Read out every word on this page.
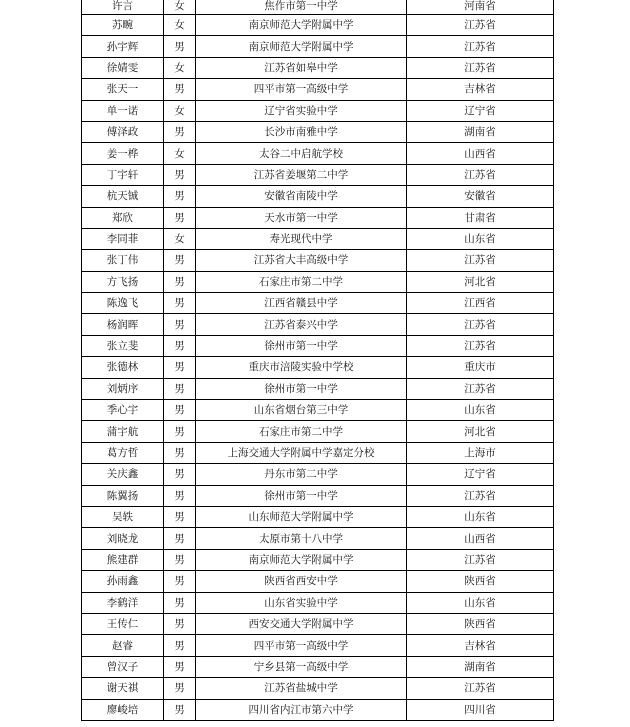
许言	女	焦作市第一中学	河南省
苏畹	女	南京师范大学附属中学	江苏省
孙宇辉	男	南京师范大学附属中学	江苏省
徐婧雯	女	江苏省如皋中学	江苏省
张天一	男	四平市第一高级中学	吉林省
单一诺	女	辽宁省实验中学	辽宁省
傅泽政	男	长沙市南雅中学	湖南省
姜一桦	女	太谷二中启航学校	山西省
丁宇轩	男	江苏省姜堰第二中学	江苏省
杭天铖	男	安徽省南陵中学	安徽省
郑欣	男	天水市第一中学	甘肃省
李同菲	女	寿光现代中学	山东省
张丁伟	男	江苏省大丰高级中学	江苏省
方飞扬	男	石家庄市第二中学	河北省
陈逸飞	男	江西省赣县中学	江西省
杨润晖	男	江苏省泰兴中学	江苏省
张立斐	男	徐州市第一中学	江苏省
张德林	男	重庆市涪陵实验中学校	重庆市
刘炳序	男	徐州市第一中学	江苏省
季心宇	男	山东省烟台第三中学	山东省
蒲宇航	男	石家庄市第二中学	河北省
葛方哲	男	上海交通大学附属中学嘉定分校	上海市
关庆鑫	男	丹东市第二中学	辽宁省
陈翼扬	男	徐州市第一中学	江苏省
吴轶	男	山东师范大学附属中学	山东省
刘晓龙	男	太原市第十八中学	山西省
熊建群	男	南京师范大学附属中学	江苏省
孙雨鑫	男	陕西省西安中学	陕西省
李鹤洋	男	山东省实验中学	山东省
王传仁	男	西安交通大学附属中学	陕西省
赵睿	男	四平市第一高级中学	吉林省
曾汉子	男	宁乡县第一高级中学	湖南省
谢天祺	男	江苏省盐城中学	江苏省
廖峻培	男	四川省内江市第六中学	四川省
